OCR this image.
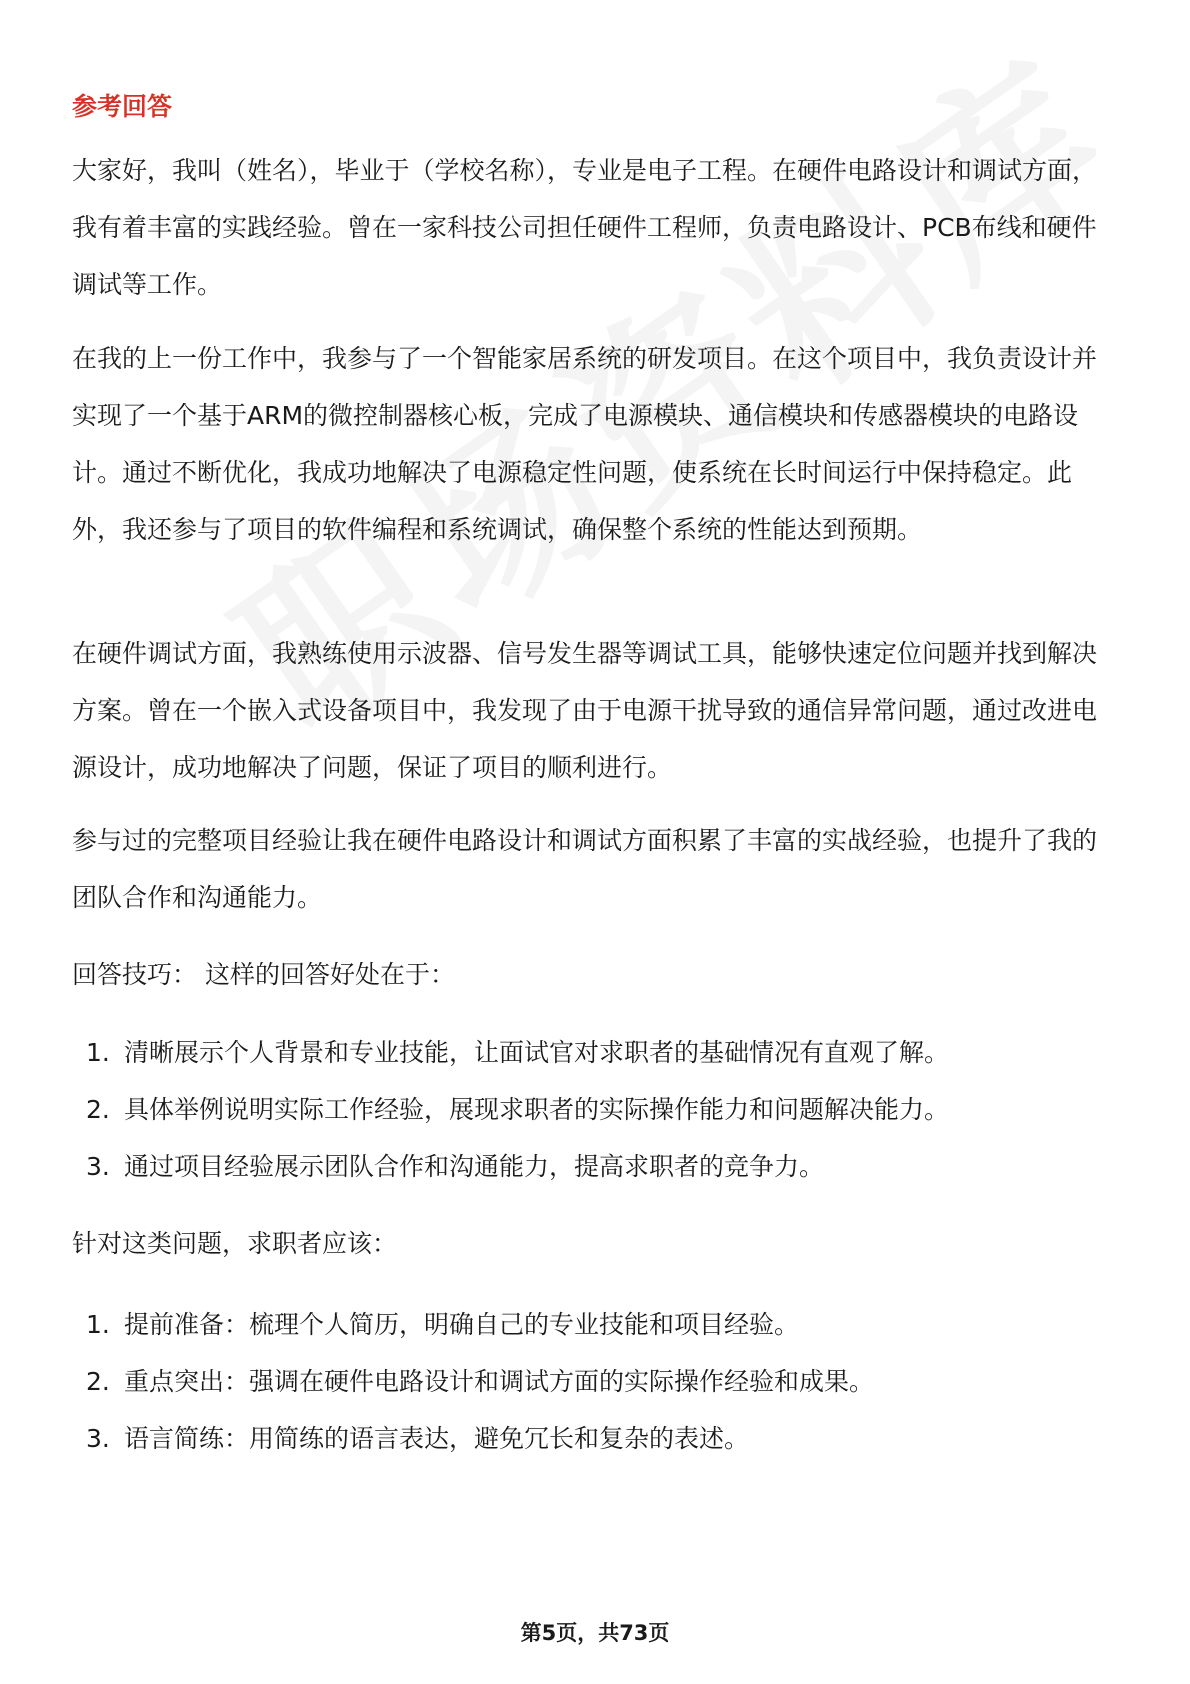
参考回答

大家好，我叫（姓名），毕业于（学校名称），专业是电子工程。在硬件电路设计和调试方面，我有着丰富的实践经验。曾在一家科技公司担任硬件工程师，负责电路设计、PCB布线和硬件调试等工作。

在我的上一份工作中，我参与了一个智能家居系统的研发项目。在这个项目中，我负责设计并实现了一个基于ARM的微控制器核心板，完成了电源模块、通信模块和传感器模块的电路设计。通过不断优化，我成功地解决了电源稳定性问题，使系统在长时间运行中保持稳定。此外，我还参与了项目的软件编程和系统调试，确保整个系统的性能达到预期。

在硬件调试方面，我熟练使用示波器、信号发生器等调试工具，能够快速定位问题并找到解决方案。曾在一个嵌入式设备项目中，我发现了由于电源干扰导致的通信异常问题，通过改进电源设计，成功地解决了问题，保证了项目的顺利进行。

参与过的完整项目经验让我在硬件电路设计和调试方面积累了丰富的实战经验，也提升了我的团队合作和沟通能力。

回答技巧： 这样的回答好处在于：

1. 清晰展示个人背景和专业技能，让面试官对求职者的基础情况有直观了解。
2. 具体举例说明实际工作经验，展现求职者的实际操作能力和问题解决能力。
3. 通过项目经验展示团队合作和沟通能力，提高求职者的竞争力。

针对这类问题，求职者应该：

1. 提前准备：梳理个人简历，明确自己的专业技能和项目经验。
2. 重点突出：强调在硬件电路设计和调试方面的实际操作经验和成果。
3. 语言简练：用简练的语言表达，避免冗长和复杂的表述。
第5页，共73页
